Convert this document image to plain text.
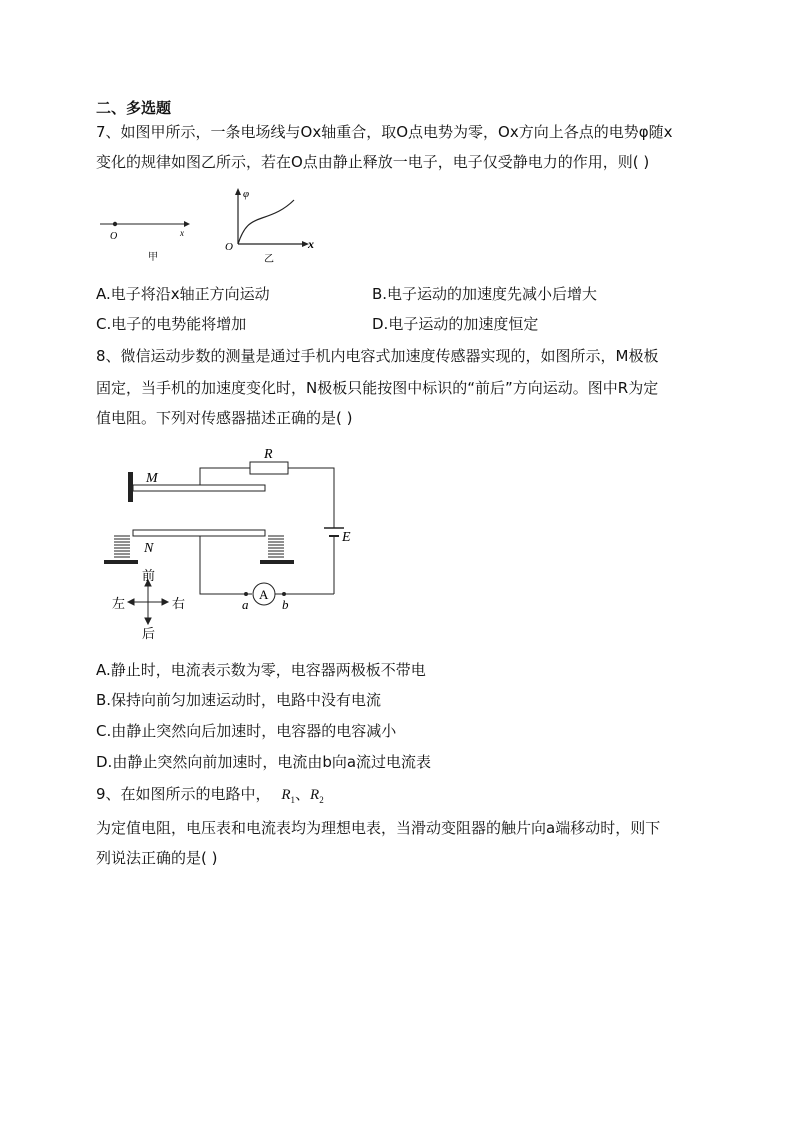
二、多选题
7、如图甲所示，一条电场线与Ox轴重合，取O点电势为零，Ox方向上各点的电势φ随x
变化的规律如图乙所示，若在O点由静止释放一电子，电子仅受静电力的作用，则( )
O	x
甲
φ
O	x
乙
A.电子将沿x轴正方向运动	B.电子运动的加速度先减小后增大
C.电子的电势能将增加	D.电子运动的加速度恒定
8、微信运动步数的测量是通过手机内电容式加速度传感器实现的，如图所示，M极板
固定，当手机的加速度变化时，N极板只能按图中标识的“前后”方向运动。图中R为定
值电阻。下列对传感器描述正确的是( )
M
R
E
N
a
A
b
前
后
左	右
A.静止时，电流表示数为零，电容器两极板不带电
B.保持向前匀加速运动时，电路中没有电流
C.由静止突然向后加速时，电容器的电容减小
D.由静止突然向前加速时，电流由b向a流过电流表
9、在如图所示的电路中， $R_1$、$R_2$
为定值电阻，电压表和电流表均为理想电表，当滑动变阻器的触片向a端移动时，则下
列说法正确的是( )
